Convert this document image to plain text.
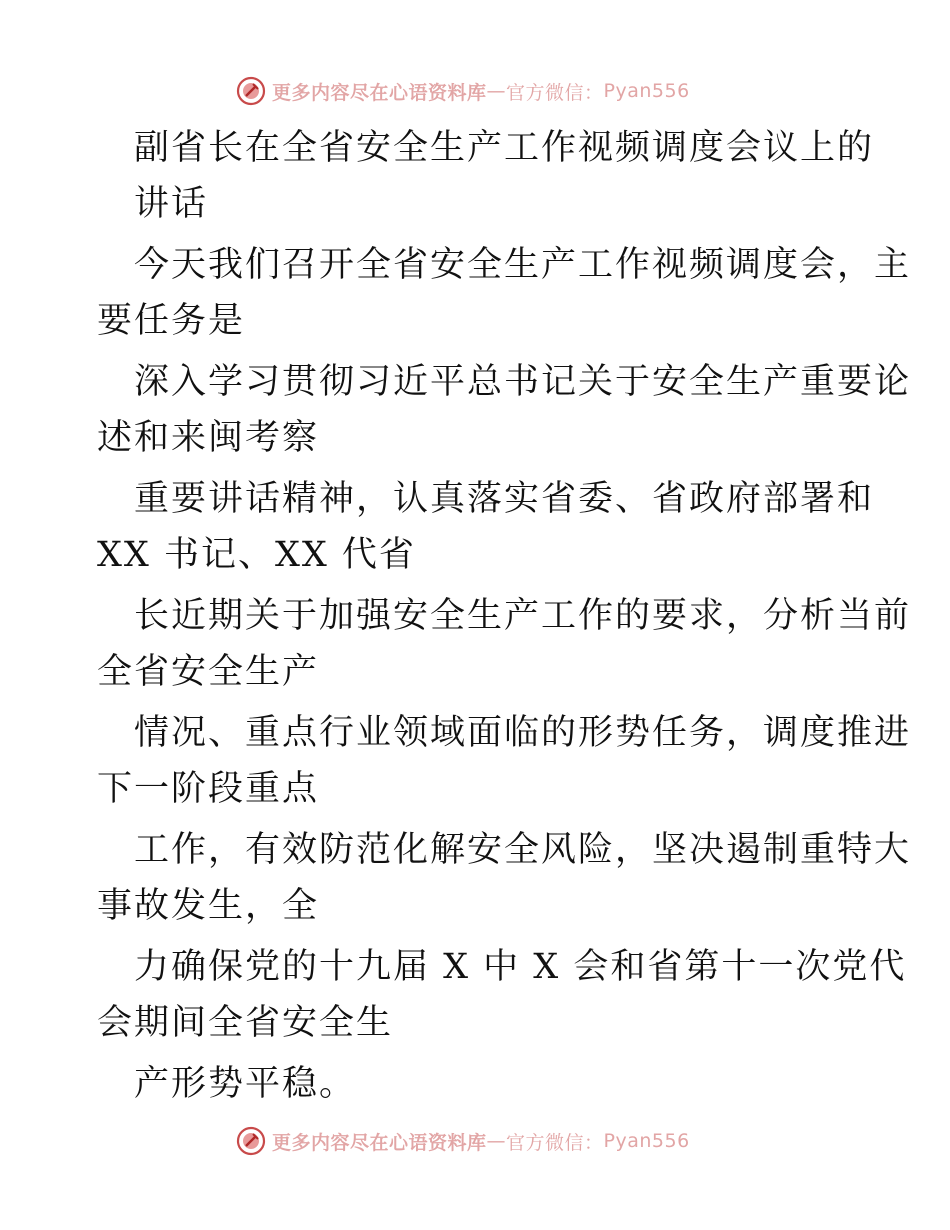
更多内容尽在心语资料库 — 官方微信： Pyan556
副省长在全省安全生产工作视频调度会议上的
讲话
今天我们召开全省安全生产工作视频调度会，主
要任务是
深入学习贯彻习近平总书记关于安全生产重要论
述和来闽考察
重要讲话精神，认真落实省委、省政府部署和
XX 书记、XX 代省
长近期关于加强安全生产工作的要求，分析当前
全省安全生产
情况、重点行业领域面临的形势任务，调度推进
下一阶段重点
工作，有效防范化解安全风险，坚决遏制重特大
事故发生，全
力确保党的十九届 X 中 X 会和省第十一次党代
会期间全省安全生
产形势平稳。
更多内容尽在心语资料库 — 官方微信： Pyan556
